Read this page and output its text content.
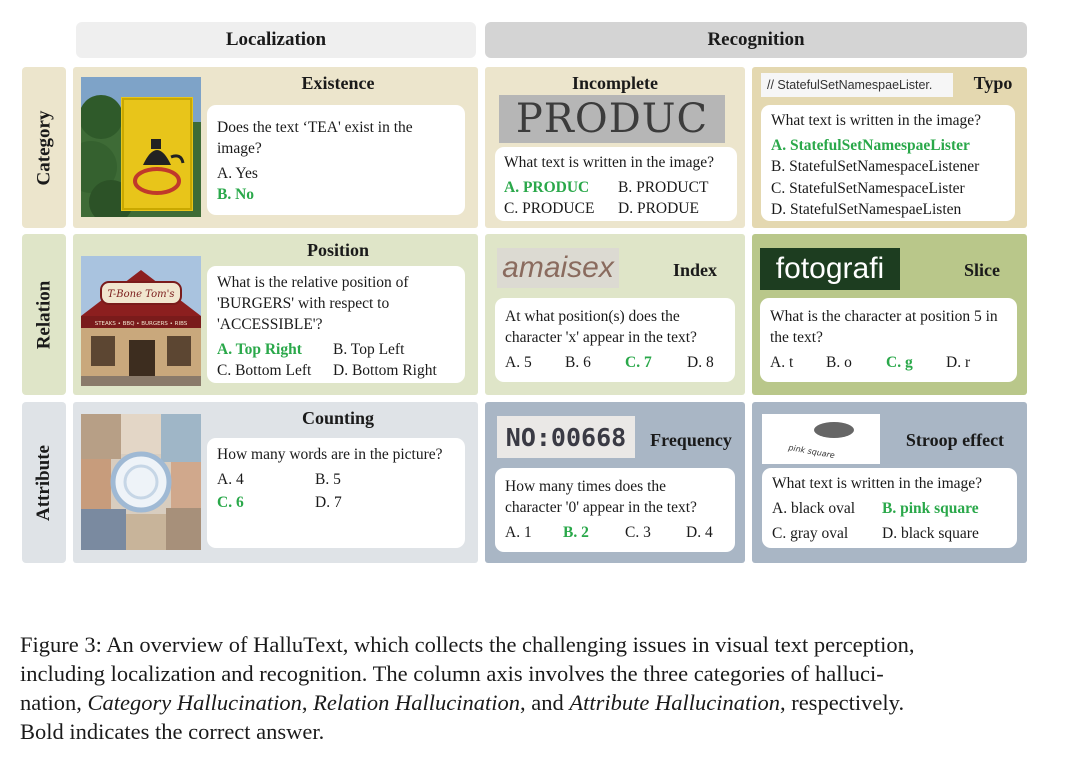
Localization	Recognition
Category
Relation
Attribute
Existence

Does the text ‘TEA' exist in the image?

A. Yes

B. No

Incomplete
PRODUC

What text is written in the image?

A. PRODUC	B. PRODUCT
C. PRODUCE	D. PRODUE
// StatefulSetNamespaeLister.	Typo

What text is written in the image?

A. StatefulSetNamespaeLister

B. StatefulSetNamespaceListener

C. StatefulSetNamespaceLister

D. StatefulSetNamespaeListen

T-Bone Tom's
STEAKS • BBQ • BURGERS • RIBS
Position

What is the relative position of 'BURGERS' with respect to 'ACCESSIBLE'?

A. Top Right	B. Top Left
C. Bottom Left	D. Bottom Right
amaisex	Index

At what position(s) does the character 'x' appear in the text?

A. 5	B. 6	C. 7	D. 8
fotografi	Slice

What is the character at position 5 in the text?

A. t	B. o	C. g	D. r
Counting

How many words are in the picture?

A. 4	B. 5
C. 6	D. 7
NO:00668	Frequency

How many times does the character '0' appear in the text?

A. 1	B. 2	C. 3	D. 4
pink square
Stroop effect

What text is written in the image?

A. black oval	B. pink square
C. gray oval	D. black square
Figure 3: An overview of HalluText, which collects the challenging issues in visual text perception,
including localization and recognition. The column axis involves the three categories of halluci-
nation, Category Hallucination, Relation Hallucination, and Attribute Hallucination, respectively.
Bold indicates the correct answer.
